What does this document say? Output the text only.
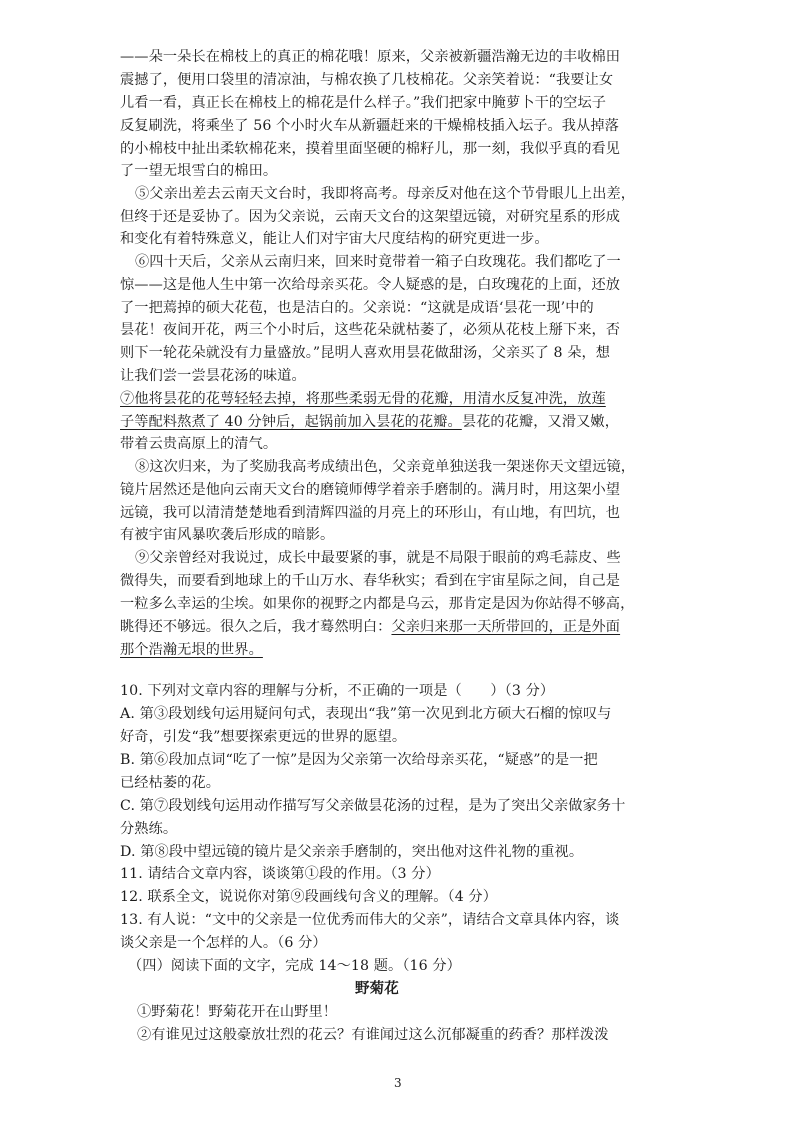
——朵一朵长在棉枝上的真正的棉花哦！原来，父亲被新疆浩瀚无边的丰收棉田
震撼了，便用口袋里的清凉油，与棉农换了几枝棉花。父亲笑着说：“我要让女
儿看一看，真正长在棉枝上的棉花是什么样子。”我们把家中腌萝卜干的空坛子
反复刷洗，将乘坐了 56 个小时火车从新疆赶来的干燥棉枝插入坛子。我从掉落
的小棉枝中扯出柔软棉花来，摸着里面坚硬的棉籽儿，那一刻，我似乎真的看见
了一望无垠雪白的棉田。
⑤父亲出差去云南天文台时，我即将高考。母亲反对他在这个节骨眼儿上出差，
但终于还是妥协了。因为父亲说，云南天文台的这架望远镜，对研究星系的形成
和变化有着特殊意义，能让人们对宇宙大尺度结构的研究更进一步。
⑥四十天后，父亲从云南归来，回来时竟带着一箱子白玫瑰花。我们都吃了一
惊——这是他人生中第一次给母亲买花。令人疑惑的是，白玫瑰花的上面，还放
了一把蔫掉的硕大花苞，也是洁白的。父亲说：“这就是成语‘昙花一现’中的
昙花！夜间开花，两三个小时后，这些花朵就枯萎了，必须从花枝上掰下来，否
则下一轮花朵就没有力量盛放。”昆明人喜欢用昙花做甜汤，父亲买了 8 朵，想
让我们尝一尝昙花汤的味道。
⑦他将昙花的花萼轻轻去掉，将那些柔弱无骨的花瓣，用清水反复冲洗，放莲
子等配料熬煮了 40 分钟后，起锅前加入昙花的花瓣。昙花的花瓣，又滑又嫩，
带着云贵高原上的清气。
⑧这次归来，为了奖励我高考成绩出色，父亲竟单独送我一架迷你天文望远镜，
镜片居然还是他向云南天文台的磨镜师傅学着亲手磨制的。满月时，用这架小望
远镜，我可以清清楚楚地看到清辉四溢的月亮上的环形山，有山地，有凹坑，也
有被宇宙风暴吹袭后形成的暗影。
⑨父亲曾经对我说过，成长中最要紧的事，就是不局限于眼前的鸡毛蒜皮、些
微得失，而要看到地球上的千山万水、春华秋实；看到在宇宙星际之间，自己是
一粒多么幸运的尘埃。如果你的视野之内都是乌云，那肯定是因为你站得不够高，
眺得还不够远。很久之后，我才蓦然明白：父亲归来那一天所带回的，正是外面
那个浩瀚无垠的世界。
10. 下列对文章内容的理解与分析，不正确的一项是（　　）（3 分）
A. 第③段划线句运用疑问句式，表现出“我”第一次见到北方硕大石榴的惊叹与
好奇，引发“我”想要探索更远的世界的愿望。
B. 第⑥段加点词“吃了一惊”是因为父亲第一次给母亲买花，“疑惑”的是一把
已经枯萎的花。
C. 第⑦段划线句运用动作描写写父亲做昙花汤的过程，是为了突出父亲做家务十
分熟练。
D. 第⑧段中望远镜的镜片是父亲亲手磨制的，突出他对这件礼物的重视。
11. 请结合文章内容，谈谈第①段的作用。（3 分）
12. 联系全文，说说你对第⑨段画线句含义的理解。（4 分）
13. 有人说：“文中的父亲是一位优秀而伟大的父亲”，请结合文章具体内容，谈
谈父亲是一个怎样的人。（6 分）
（四）阅读下面的文字，完成 14～18 题。（16 分）
野菊花
①野菊花！野菊花开在山野里！
②有谁见过这般豪放壮烈的花云？有谁闻过这么沉郁凝重的药香？那样泼泼
3
